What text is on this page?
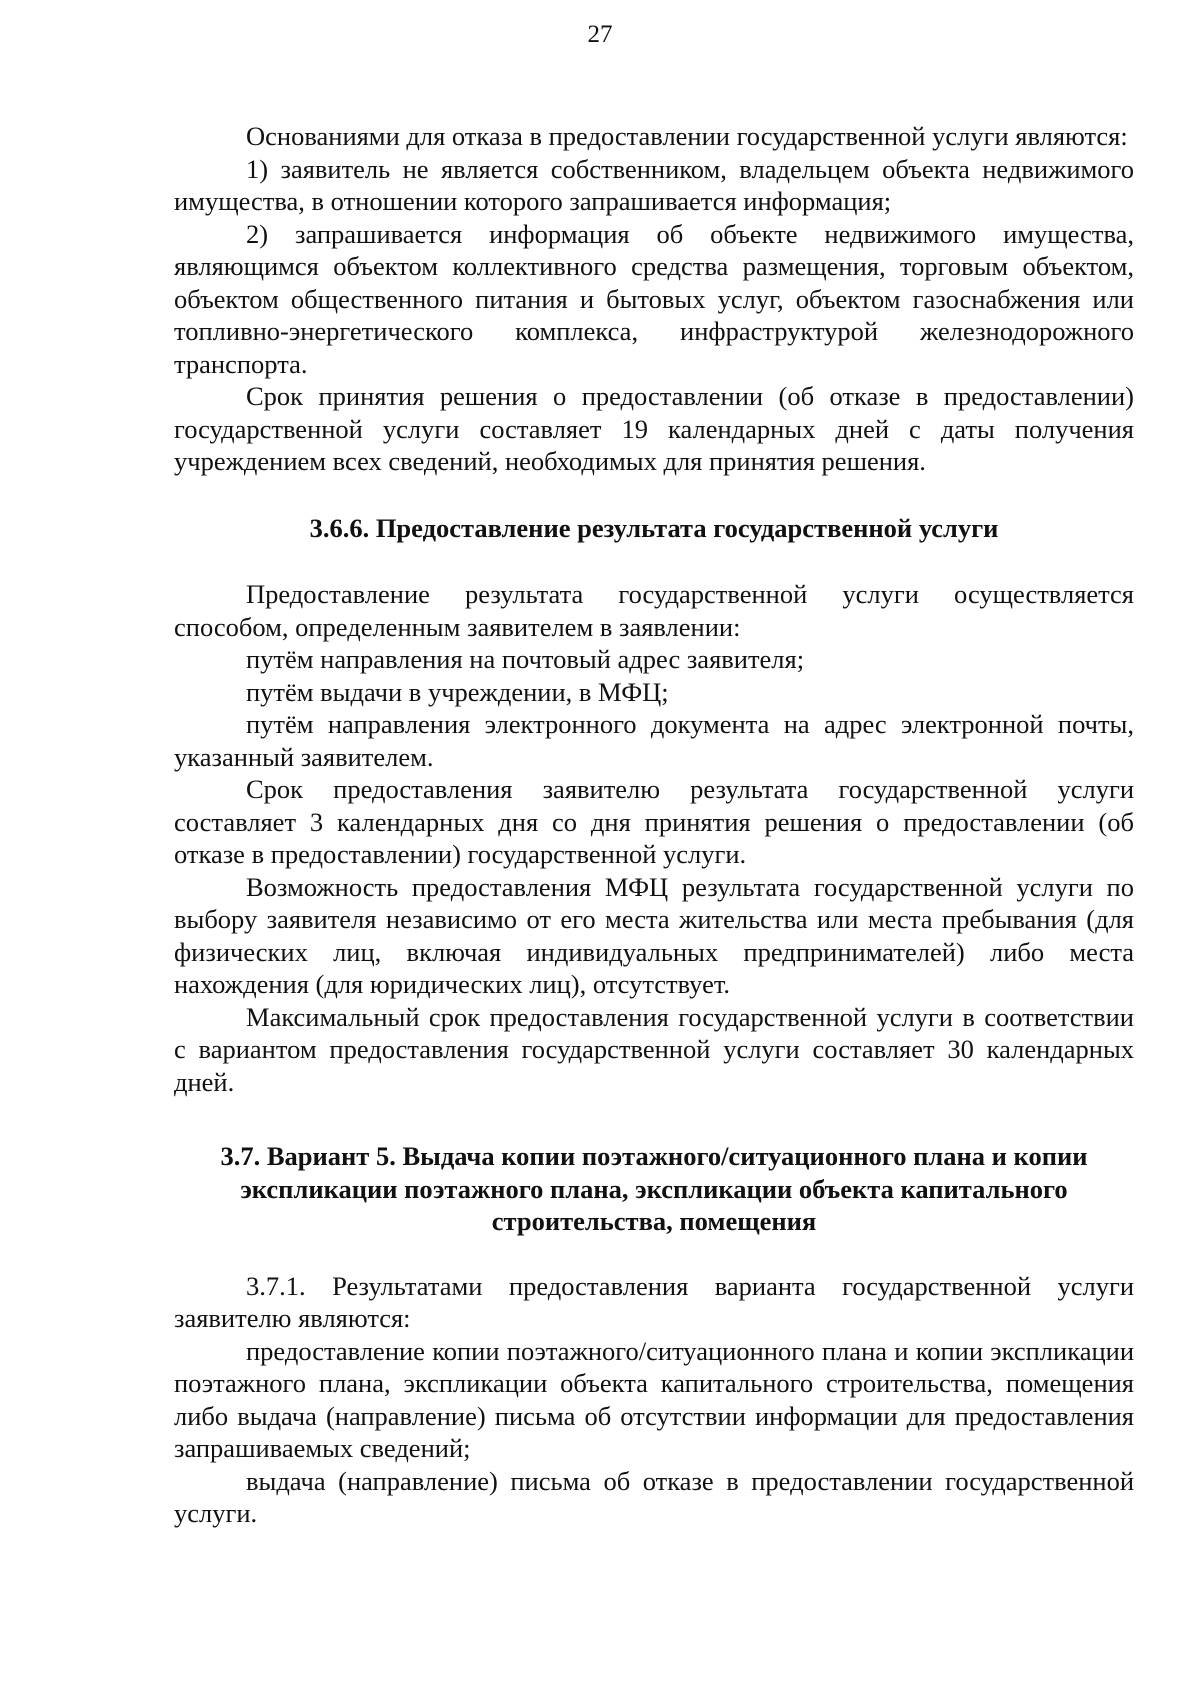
27

Основаниями для отказа в предоставлении государственной услуги являются:

1) заявитель не является собственником, владельцем объекта недвижимого имущества, в отношении которого запрашивается информация;

2) запрашивается информация об объекте недвижимого имущества, являющимся объектом коллективного средства размещения, торговым объектом, объектом общественного питания и бытовых услуг, объектом газоснабжения или топливно-энергетического комплекса, инфраструктурой железнодорожного транспорта.

Срок принятия решения о предоставлении (об отказе в предоставлении) государственной услуги составляет 19 календарных дней с даты получения учреждением всех сведений, необходимых для принятия решения.

3.6.6. Предоставление результата государственной услуги

Предоставление результата государственной услуги осуществляется способом, определенным заявителем в заявлении:

путём направления на почтовый адрес заявителя;

путём выдачи в учреждении, в МФЦ;

путём направления электронного документа на адрес электронной почты, указанный заявителем.

Срок предоставления заявителю результата государственной услуги составляет 3 календарных дня со дня принятия решения о предоставлении (об отказе в предоставлении) государственной услуги.

Возможность предоставления МФЦ результата государственной услуги по выбору заявителя независимо от его места жительства или места пребывания (для физических лиц, включая индивидуальных предпринимателей) либо места нахождения (для юридических лиц), отсутствует.

Максимальный срок предоставления государственной услуги в соответствии с вариантом предоставления государственной услуги составляет 30 календарных дней.

3.7. Вариант 5. Выдача копии поэтажного/ситуационного плана и копии экспликации поэтажного плана, экспликации объекта капитального строительства, помещения

3.7.1. Результатами предоставления варианта государственной услуги заявителю являются:

предоставление копии поэтажного/ситуационного плана и копии экспликации поэтажного плана, экспликации объекта капитального строительства, помещения либо выдача (направление) письма об отсутствии информации для предоставления запрашиваемых сведений;

выдача (направление) письма об отказе в предоставлении государственной услуги.
